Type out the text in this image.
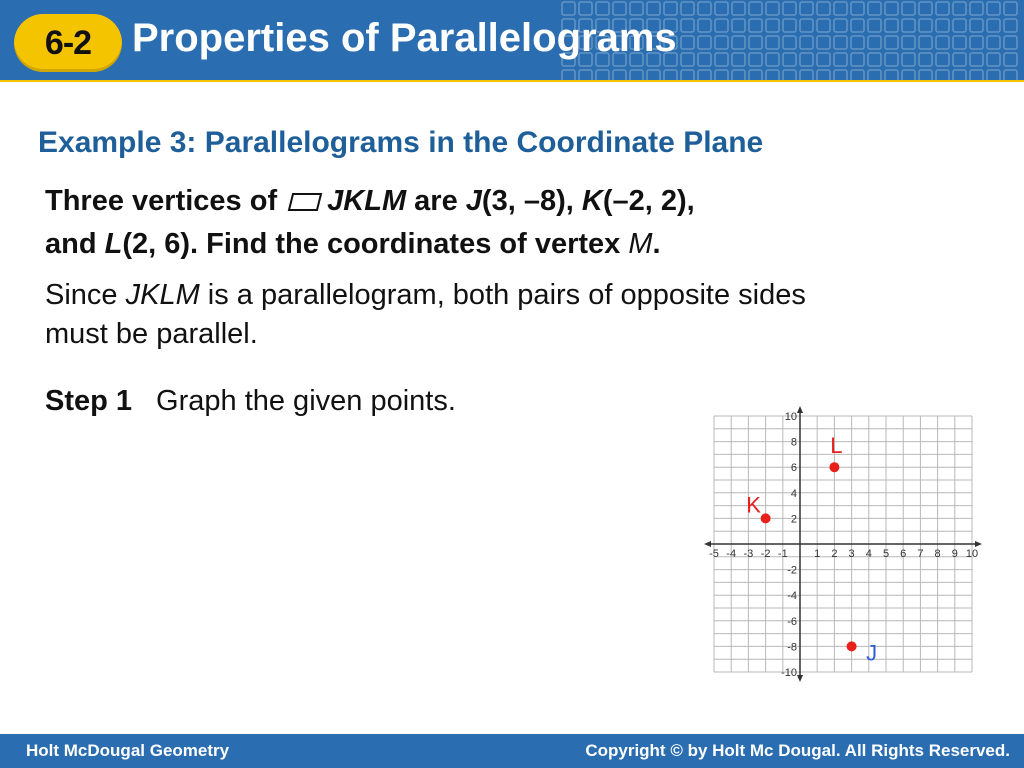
6-2 Properties of Parallelograms
Example 3: Parallelograms in the Coordinate Plane
Three vertices of
JKLM are J(3, –8), K(–2, 2),
and L(2, 6). Find the coordinates of vertex M.
Since JKLM is a parallelogram, both pairs of opposite sides must be parallel.
Step 1 Graph the given points.
-5 -4 -3 -2 -1 1 2 3 4 5 6 7 8 9 10
10
8
6
4
2
-2
-4
-6
-8
-10
L
K
J
Holt McDougal Geometry	Copyright © by Holt Mc Dougal. All Rights Reserved.
